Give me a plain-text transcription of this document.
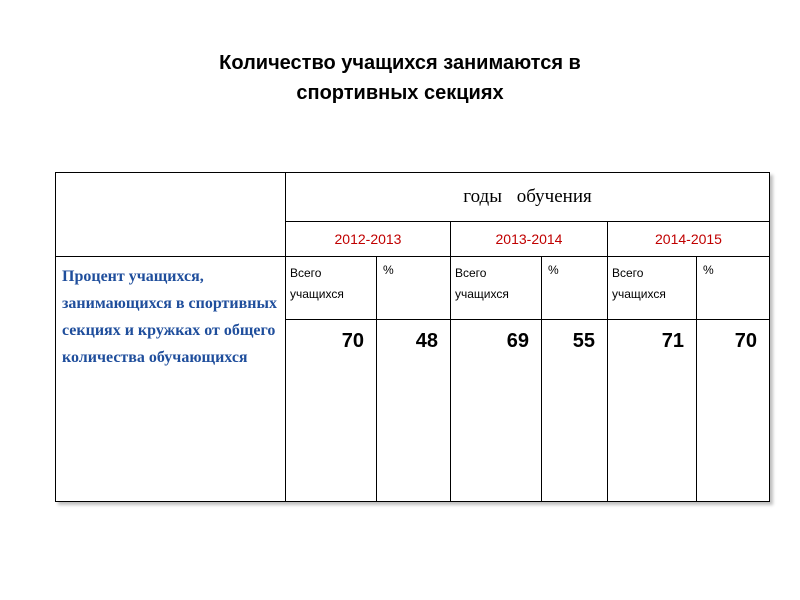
Количество учащихся занимаются в
спортивных секциях
	годы обучения					
	2012-2013		2013-2014		2014-2015	
Процент учащихся, занимающихся в спортивных секциях и кружках от общего количества обучающихся	Всего учащихся	%	Всего учащихся	%	Всего учащихся	%
	70	48	69	55	71	70
